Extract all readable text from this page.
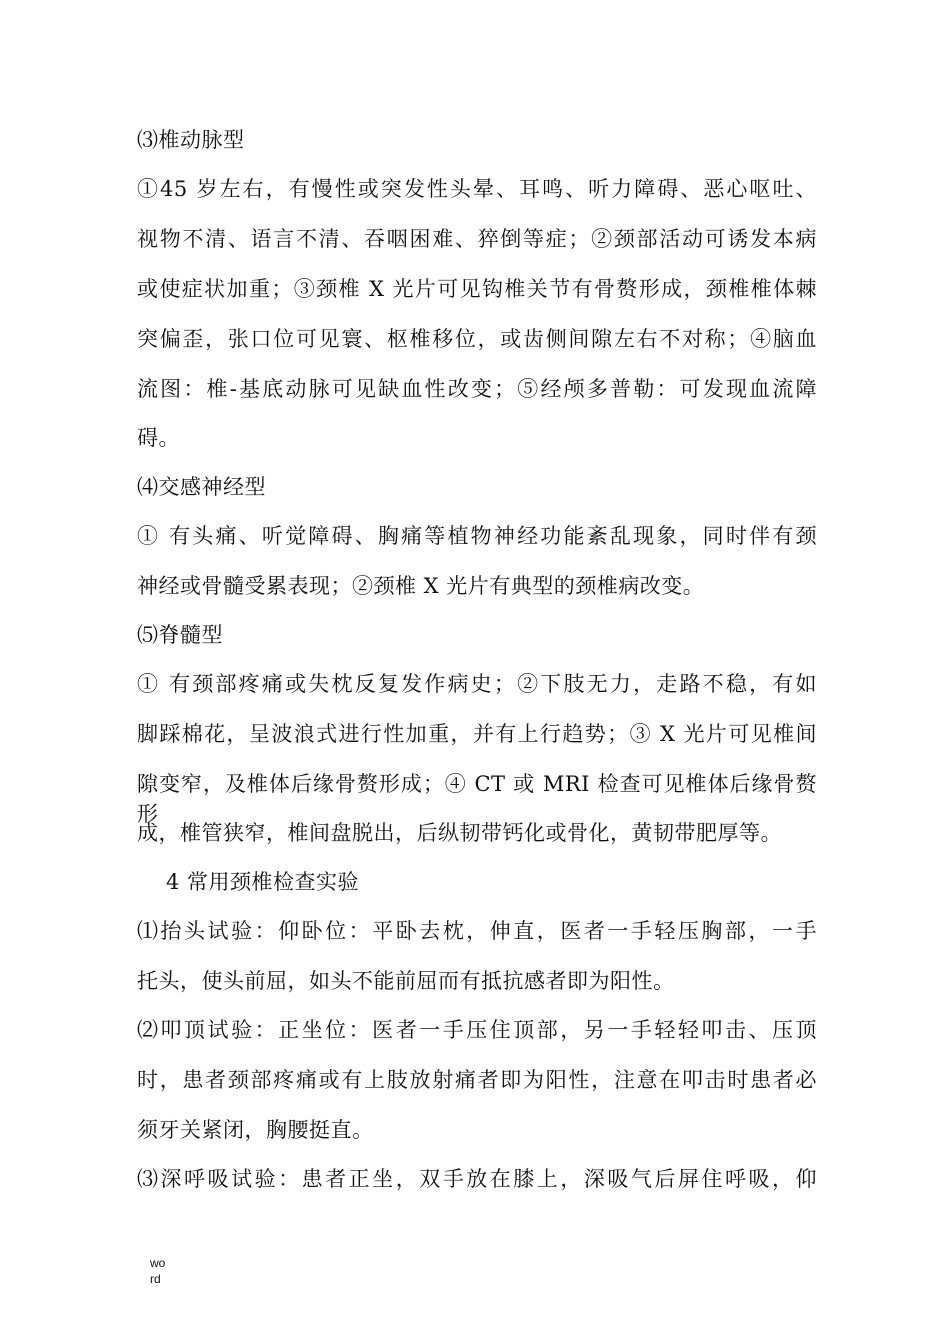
⑶椎动脉型
①45 岁左右，有慢性或突发性头晕、耳鸣、听力障碍、恶心呕吐、
视物不清、语言不清、吞咽困难、猝倒等症；②颈部活动可诱发本病
或使症状加重；③颈椎 X 光片可见钩椎关节有骨赘形成，颈椎椎体棘
突偏歪，张口位可见寰、枢椎移位，或齿侧间隙左右不对称；④脑血
流图：椎-基底动脉可见缺血性改变；⑤经颅多普勒：可发现血流障
碍。
⑷交感神经型
① 有头痛、听觉障碍、胸痛等植物神经功能紊乱现象，同时伴有颈
神经或骨髓受累表现；②颈椎 X 光片有典型的颈椎病改变。
⑸脊髓型
① 有颈部疼痛或失枕反复发作病史；②下肢无力，走路不稳，有如
脚踩棉花，呈波浪式进行性加重，并有上行趋势；③ X 光片可见椎间
隙变窄，及椎体后缘骨赘形成；④ CT 或 MRI 检查可见椎体后缘骨赘形
成，椎管狭窄，椎间盘脱出，后纵韧带钙化或骨化，黄韧带肥厚等。
4 常用颈椎检查实验
⑴抬头试验：仰卧位：平卧去枕，伸直，医者一手轻压胸部，一手
托头，使头前屈，如头不能前屈而有抵抗感者即为阳性。
⑵叩顶试验：正坐位：医者一手压住顶部，另一手轻轻叩击、压顶
时，患者颈部疼痛或有上肢放射痛者即为阳性，注意在叩击时患者必
须牙关紧闭，胸腰挺直。
⑶深呼吸试验：患者正坐，双手放在膝上，深吸气后屏住呼吸，仰
wo
rd
